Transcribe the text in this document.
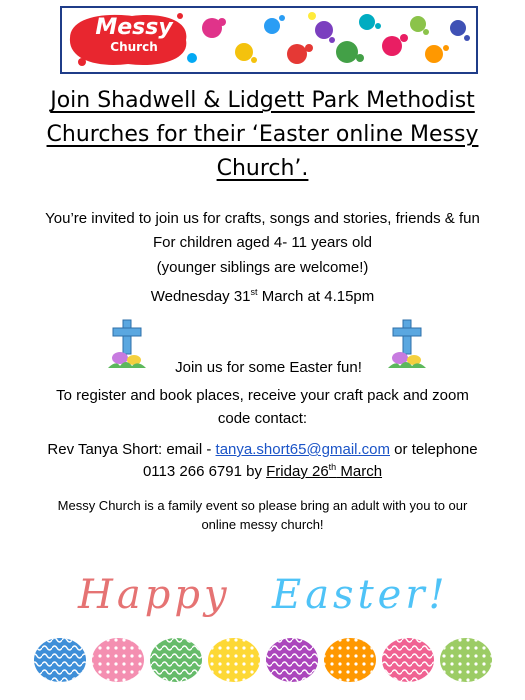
Messy
Church
Join Shadwell & Lidgett Park Methodist
Churches for their ‘Easter online Messy
Church’.
You’re invited to join us for crafts, songs and stories, friends & fun
For children aged 4- 11 years old
(younger siblings are welcome!)
Wednesday 31st March at 4.15pm
Join us for some Easter fun!
To register and book places, receive your craft pack and zoom
code contact:
Rev Tanya Short: email - tanya.short65@gmail.com or telephone
0113 266 6791 by Friday 26th March
Messy Church is a family event so please bring an adult with you to our
online messy church!
Happy Easter!
